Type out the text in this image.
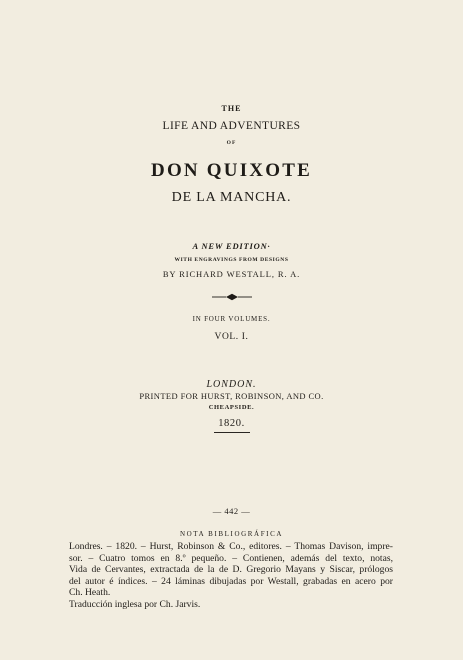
THE
LIFE AND ADVENTURES
OF
DON QUIXOTE
DE LA MANCHA.
A NEW EDITION·
WITH ENGRAVINGS FROM DESIGNS
BY RICHARD WESTALL, R. A.
IN FOUR VOLUMES.
VOL. I.
LONDON.
PRINTED FOR HURST, ROBINSON, AND CO.
CHEAPSIDE.
1820.
— 442 —
NOTA BIBLIOGRÁFICA
Londres. – 1820. – Hurst, Robinson & Co., editores. – Thomas Davison, impre-
sor. – Cuatro tomos en 8.º pequeño. – Contienen, además del texto, notas,
Vida de Cervantes, extractada de la de D. Gregorio Mayans y Siscar, prólogos
del autor é índices. – 24 láminas dibujadas por Westall, grabadas en acero por
Ch. Heath.
Traducción inglesa por Ch. Jarvis.
